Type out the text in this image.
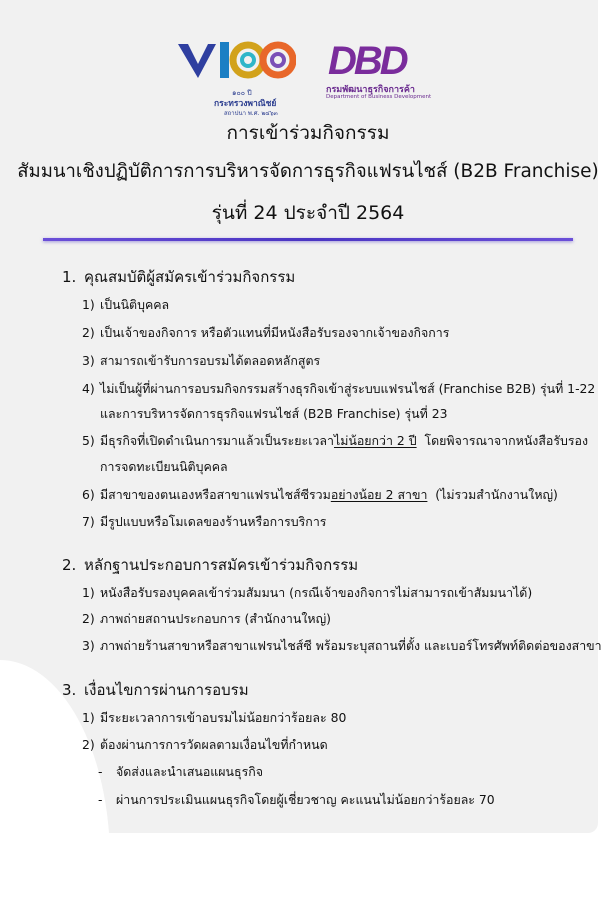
๑๐๐ ปี
กระทรวงพาณิชย์
สถาปนา พ.ศ. ๒๔๖๓
DBD
กรมพัฒนาธุรกิจการค้า
Department of Business Development
การเข้าร่วมกิจกรรม
สัมมนาเชิงปฏิบัติการการบริหารจัดการธุรกิจแฟรนไชส์ (B2B Franchise)
รุ่นที่ 24 ประจำปี 2564
1. คุณสมบัติผู้สมัครเข้าร่วมกิจกรรม
1) เป็นนิติบุคคล
2) เป็นเจ้าของกิจการ หรือตัวแทนที่มีหนังสือรับรองจากเจ้าของกิจการ
3) สามารถเข้ารับการอบรมได้ตลอดหลักสูตร
4) ไม่เป็นผู้ที่ผ่านการอบรมกิจกรรมสร้างธุรกิจเข้าสู่ระบบแฟรนไชส์ (Franchise B2B) รุ่นที่ 1-22
และการบริหารจัดการธุรกิจแฟรนไชส์ (B2B Franchise) รุ่นที่ 23
5) มีธุรกิจที่เปิดดำเนินการมาแล้วเป็นระยะเวลาไม่น้อยกว่า 2 ปี  โดยพิจารณาจากหนังสือรับรอง
การจดทะเบียนนิติบุคคล
6) มีสาขาของตนเองหรือสาขาแฟรนไชส์ซีรวมอย่างน้อย 2 สาขา  (ไม่รวมสำนักงานใหญ่)
7) มีรูปแบบหรือโมเดลของร้านหรือการบริการ
2. หลักฐานประกอบการสมัครเข้าร่วมกิจกรรม
1) หนังสือรับรองบุคคลเข้าร่วมสัมมนา (กรณีเจ้าของกิจการไม่สามารถเข้าสัมมนาได้)
2) ภาพถ่ายสถานประกอบการ (สำนักงานใหญ่)
3) ภาพถ่ายร้านสาขาหรือสาขาแฟรนไชส์ซี พร้อมระบุสถานที่ตั้ง และเบอร์โทรศัพท์ติดต่อของสาขา
3. เงื่อนไขการผ่านการอบรม
1) มีระยะเวลาการเข้าอบรมไม่น้อยกว่าร้อยละ 80
2) ต้องผ่านการการวัดผลตามเงื่อนไขที่กำหนด
- จัดส่งและนำเสนอแผนธุรกิจ
- ผ่านการประเมินแผนธุรกิจโดยผู้เชี่ยวชาญ คะแนนไม่น้อยกว่าร้อยละ 70
